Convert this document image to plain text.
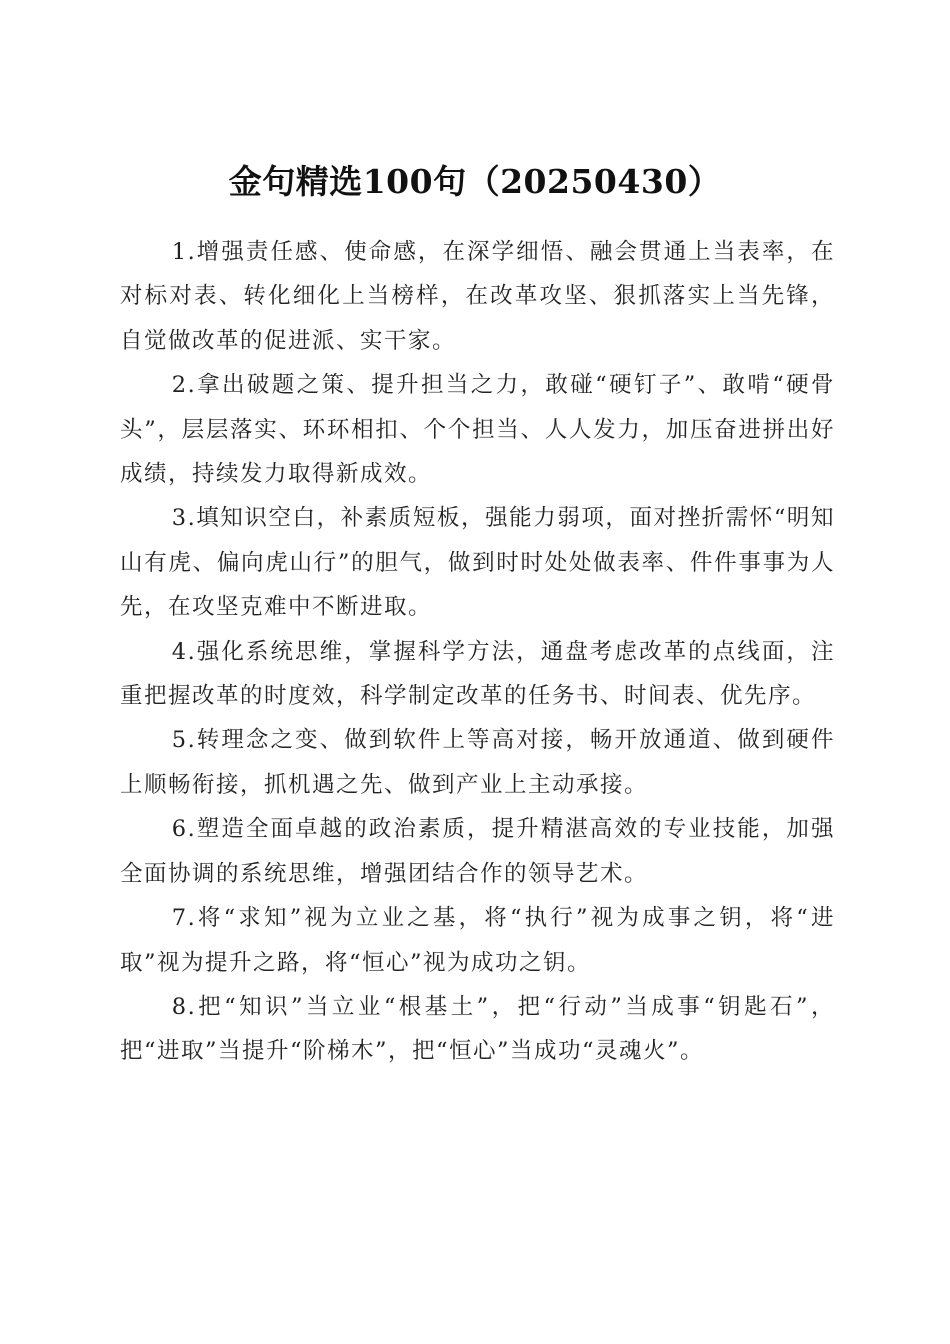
金句精选100句（20250430）

1.增强责任感、使命感，在深学细悟、融会贯通上当表率，在对标对表、转化细化上当榜样，在改革攻坚、狠抓落实上当先锋，自觉做改革的促进派、实干家。

2.拿出破题之策、提升担当之力，敢碰“硬钉子”、敢啃“硬骨头”，层层落实、环环相扣、个个担当、人人发力，加压奋进拼出好成绩，持续发力取得新成效。

3.填知识空白，补素质短板，强能力弱项，面对挫折需怀“明知山有虎、偏向虎山行”的胆气，做到时时处处做表率、件件事事为人先，在攻坚克难中不断进取。

4.强化系统思维，掌握科学方法，通盘考虑改革的点线面，注重把握改革的时度效，科学制定改革的任务书、时间表、优先序。

5.转理念之变、做到软件上等高对接，畅开放通道、做到硬件上顺畅衔接，抓机遇之先、做到产业上主动承接。

6.塑造全面卓越的政治素质，提升精湛高效的专业技能，加强全面协调的系统思维，增强团结合作的领导艺术。

7.将“求知”视为立业之基，将“执行”视为成事之钥，将“进取”视为提升之路，将“恒心”视为成功之钥。

8.把“知识”当立业“根基土”，把“行动”当成事“钥匙石”，把“进取”当提升“阶梯木”，把“恒心”当成功“灵魂火”。
